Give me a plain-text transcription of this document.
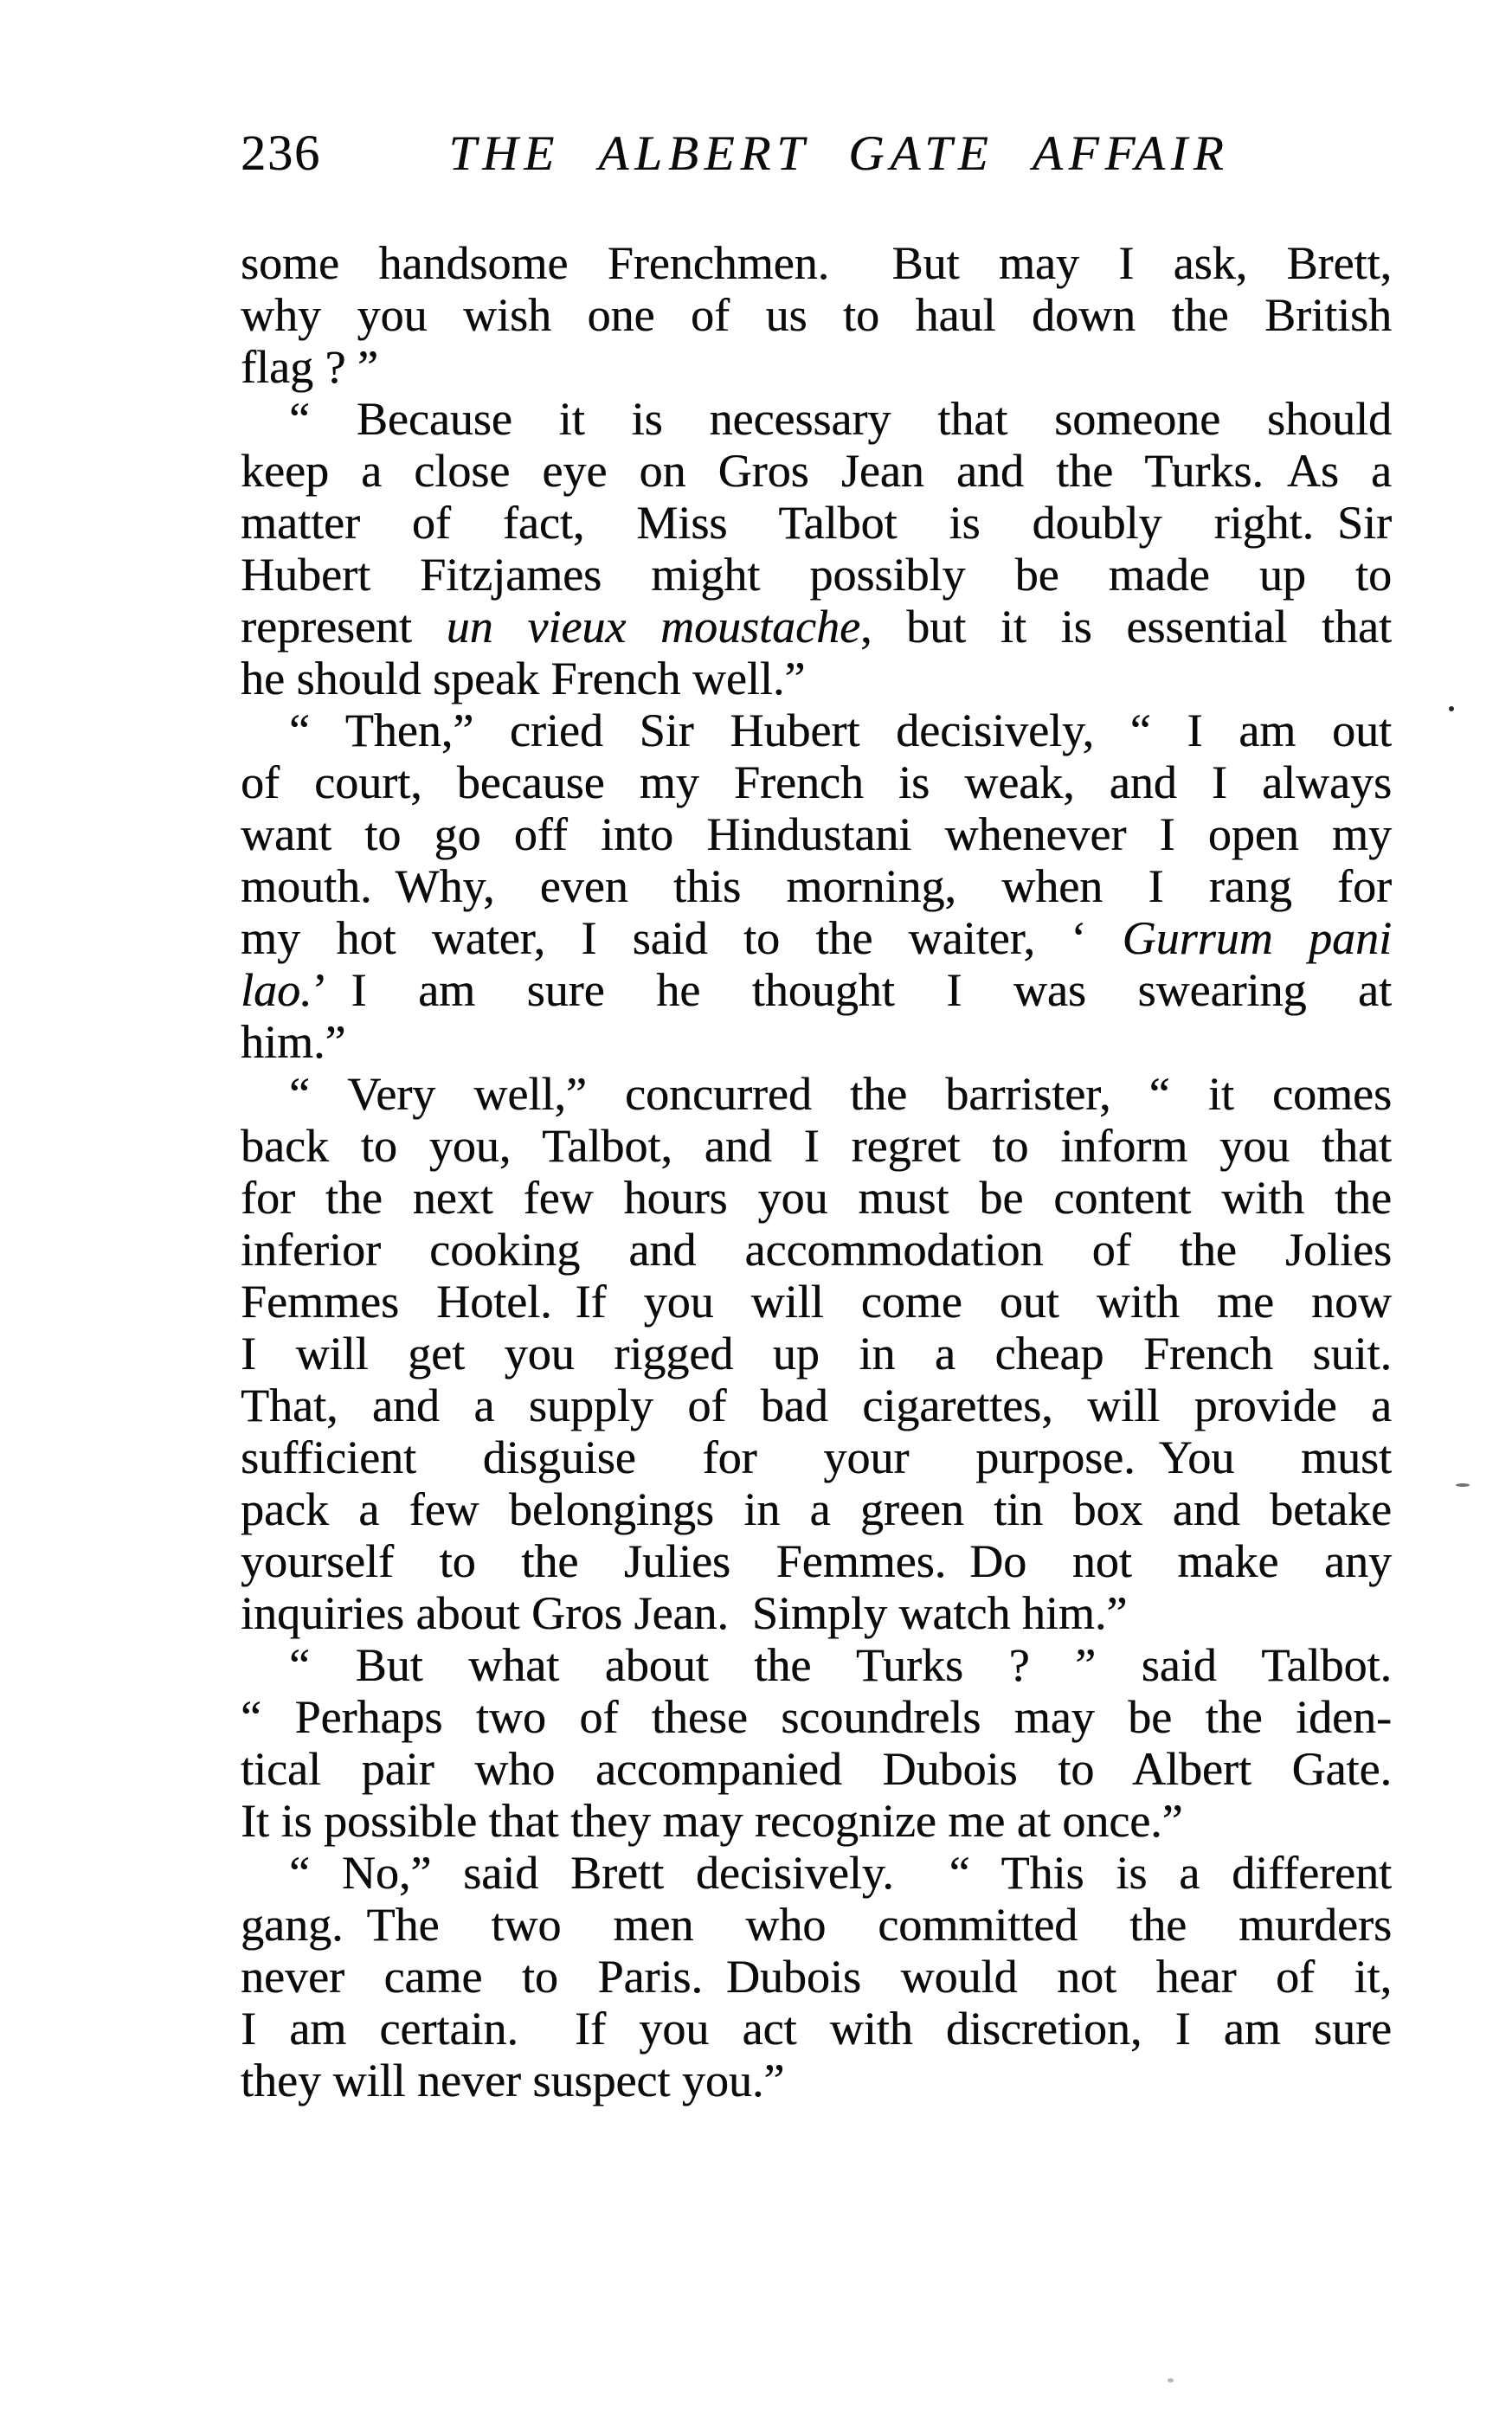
236	THE ALBERT GATE AFFAIR
some handsome Frenchmen.  But may I ask, Brett,
why you wish one of us to haul down the British
flag ? ”
“ Because it is necessary that someone should
keep a close eye on Gros Jean and the Turks. As a
matter of fact, Miss Talbot is doubly right. Sir
Hubert Fitzjames might possibly be made up to
represent un vieux moustache, but it is essential that
he should speak French well.”
“ Then,” cried Sir Hubert decisively, “ I am out
of court, because my French is weak, and I always
want to go off into Hindustani whenever I open my
mouth. Why, even this morning, when I rang for
my hot water, I said to the waiter, ‘ Gurrum pani
lao.’ I am sure he thought I was swearing at
him.”
“ Very well,” concurred the barrister, “ it comes
back to you, Talbot, and I regret to inform you that
for the next few hours you must be content with the
inferior cooking and accommodation of the Jolies
Femmes Hotel. If you will come out with me now
I will get you rigged up in a cheap French suit.
That, and a supply of bad cigarettes, will provide a
sufficient disguise for your purpose. You must
pack a few belongings in a green tin box and betake
yourself to the Julies Femmes. Do not make any
inquiries about Gros Jean. Simply watch him.”
“ But what about the Turks ? ” said Talbot.
“ Perhaps two of these scoundrels may be the iden-
tical pair who accompanied Dubois to Albert Gate.
It is possible that they may recognize me at once.”
“ No,” said Brett decisively.  “ This is a different
gang. The two men who committed the murders
never came to Paris. Dubois would not hear of it,
I am certain.  If you act with discretion, I am sure
they will never suspect you.”
